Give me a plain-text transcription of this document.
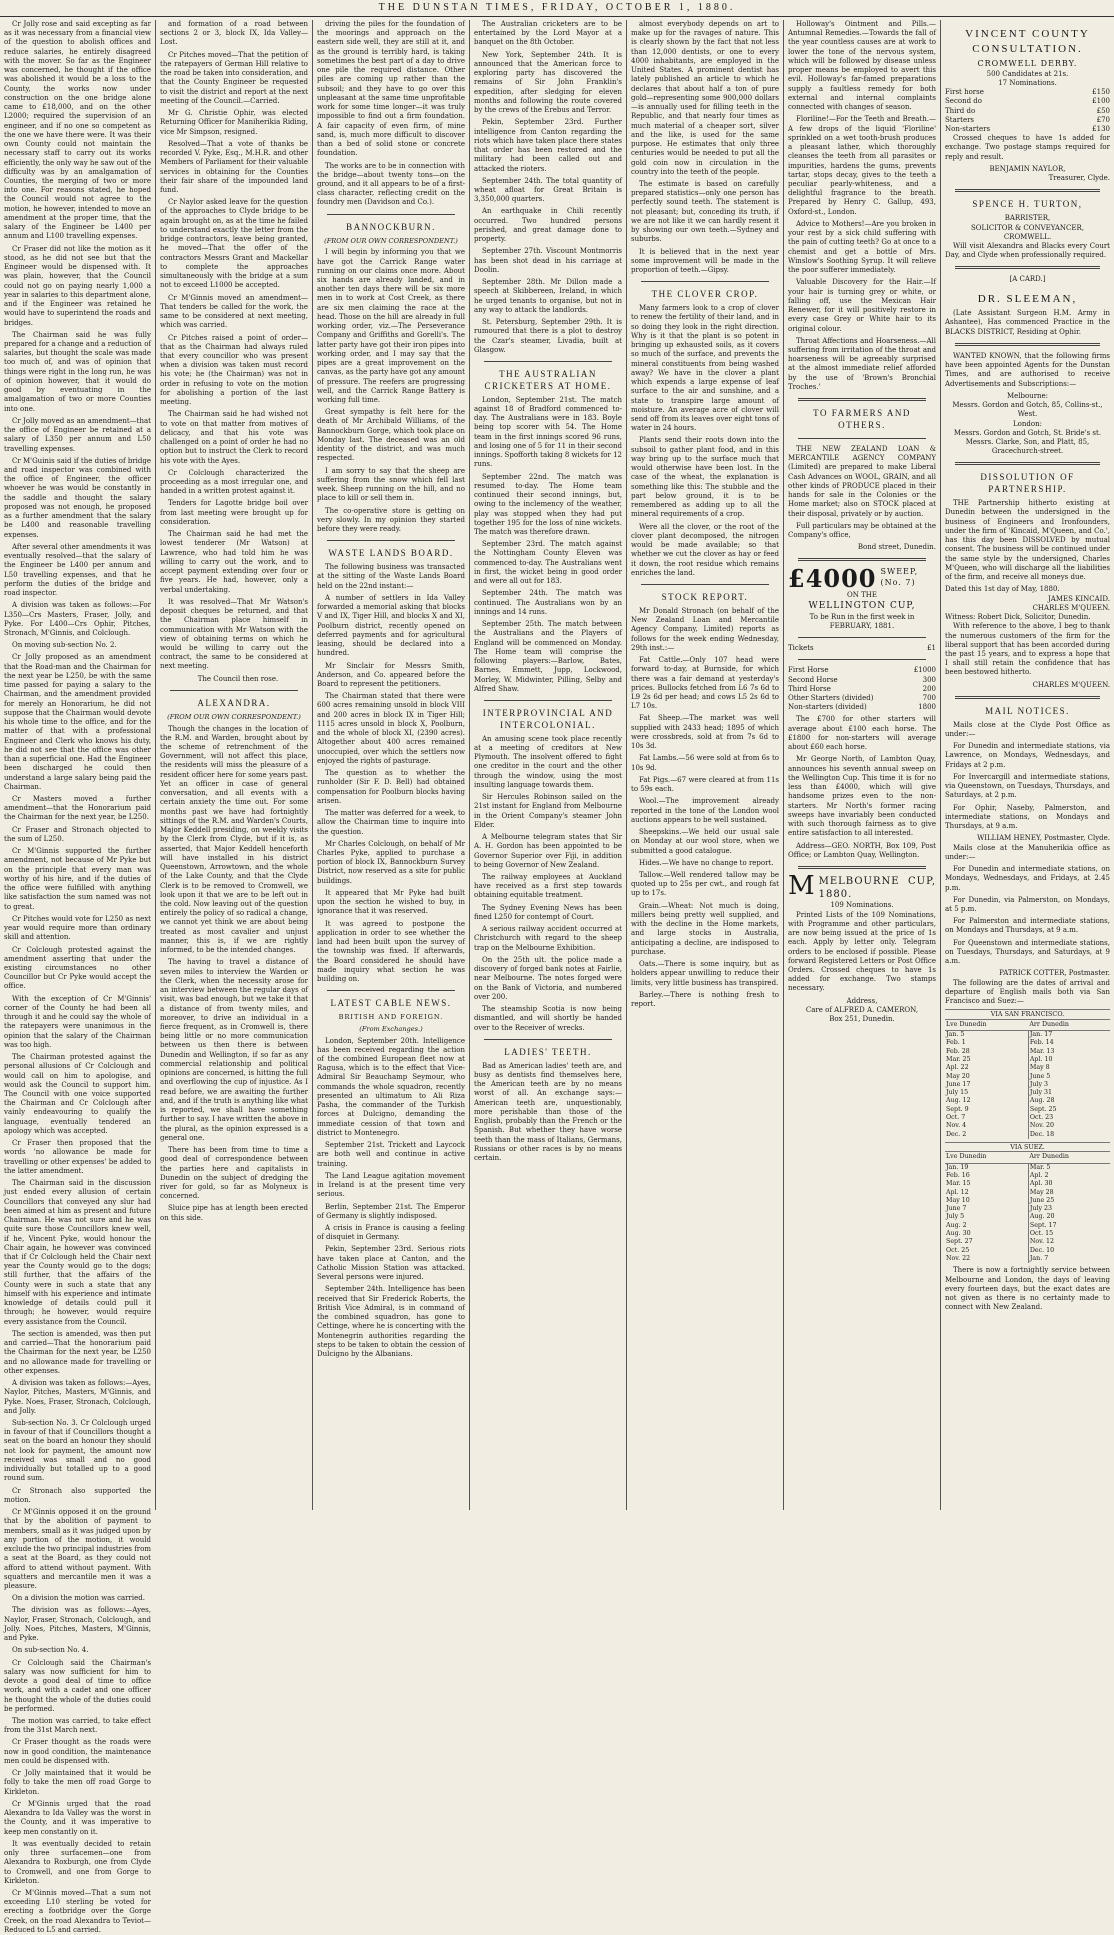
THE DUNSTAN TIMES, FRIDAY, OCTOBER 1, 1880.

Cr Jolly rose and said excepting as far as it was necessary from a financial view of the question to abolish offices and reduce salaries, he entirely disagreed with the mover. So far as the Engineer was concerned, he thought if the office was abolished it would be a loss to the County, the works now under construction on the one bridge alone came to £18,000, and on the other L2000; required the supervision of an engineer, and if no one so competent as the one we have there were. It was their own County could not maintain the necessary staff to carry out its works efficiently, the only way he saw out of the difficulty was by an amalgamation of Counties, the merging of two or more into one. For reasons stated, he hoped the Council would not agree to the motion, he however, intended to move an amendment at the proper time, that the salary of the Engineer be L400 per annum and L100 travelling expenses.

Cr Fraser did not like the motion as it stood, as he did not see but that the Engineer would be dispensed with. It was plain, however, that the Council could not go on paying nearly 1,000 a year in salaries to this department alone, and if the Engineer was retained he would have to superintend the roads and bridges.

The Chairman said he was fully prepared for a change and a reduction of salaries, but thought the scale was made too much of, and was of opinion that things were right in the long run, he was of opinion however, that it would do good by eventuating in the amalgamation of two or more Counties into one.

Cr Jolly moved as an amendment—that the office of Engineer be retained at a salary of L350 per annum and L50 travelling expenses.

Cr M'Guinis said if the duties of bridge and road inspector was combined with the office of Engineer, the officer whoever he was would be constantly in the saddle and thought the salary proposed was not enough, he proposed as a further amendment that the salary be L400 and reasonable travelling expenses.

After several other amendments it was eventually resolved—that the salary of the Engineer be L400 per annum and L50 travelling expenses, and that he perform the duties of the bridge and road inspector.

A division was taken as follows:—For L350—Crs Masters, Fraser, Jolly, and Pyke. For L400—Crs Ophir, Pitches, Stronach, M'Ginnis, and Colclough.

On moving sub-section No. 2.

Cr Jolly proposed as an amendment that the Road-man and the Chairman for the next year be L250, be with the same time passed for paying a salary to the Chairman, and the amendment provided for merely an Honorarium, he did not suppose that the Chairman would devote his whole time to the office, and for the matter of that with a professional Engineer and Clerk who knows his duty, he did not see that the office was other than a superficial one. Had the Engineer been discharged he could then understand a large salary being paid the Chairman.

Cr Masters moved a further amendment—that the Honorarium paid the Chairman for the next year, be L250.

Cr Fraser and Stronach objected to the sum of L250.

Cr M'Ginnis supported the further amendment, not because of Mr Pyke but on the principle that every man was worthy of his hire, and if the duties of the office were fulfilled with anything like satisfaction the sum named was not to great.

Cr Pitches would vote for L250 as next year would require more than ordinary skill and attention.

Cr Colclough protested against the amendment asserting that under the existing circumstances no other Councillor but Cr Pyke would accept the office.

With the exception of Cr M'Ginnis' corner of the County he had been all through it and he could say the whole of the ratepayers were unanimous in the opinion that the salary of the Chairman was too high.

The Chairman protested against the personal allusions of Cr Colclough and would call on him to apologise, and would ask the Council to support him. The Council with one voice supported the Chairman and Cr Colclough after vainly endeavouring to qualify the language, eventually tendered an apology which was accepted.

Cr Fraser then proposed that the words 'no allowance be made for travelling or other expenses' be added to the latter amendment.

The Chairman said in the discussion just ended every allusion of certain Councillors that conveyed any slur had been aimed at him as present and future Chairman. He was not sure and he was quite sure those Councillors knew well, if he, Vincent Pyke, would honour the Chair again, he however was convinced that if Cr Colclough held the Chair next year the County would go to the dogs; still further, that the affairs of the County were in such a state that any himself with his experience and intimate knowledge of details could pull it through; he however, would require every assistance from the Council.

The section is amended, was then put and carried—That the honorarium paid the Chairman for the next year, be L250 and no allowance made for travelling or other expenses.

A division was taken as follows:—Ayes, Naylor, Pitches, Masters, M'Ginnis, and Pyke. Noes, Fraser, Stronach, Colclough, and Jolly.

Sub-section No. 3. Cr Colclough urged in favour of that if Councillors thought a seat on the board an honour they should not look for payment, the amount now received was small and no good individually but totalled up to a good round sum.

Cr Stronach also supported the motion.

Cr M'Ginnis opposed it on the ground that by the abolition of payment to members, small as it was judged upon by any portion of the motion, it would exclude the two principal industries from a seat at the Board, as they could not afford to attend without payment. With squatters and mercantile men it was a pleasure.

On a division the motion was carried.

The division was as follows:—Ayes, Naylor, Fraser, Stronach, Colclough, and Jolly. Noes, Pitches, Masters, M'Ginnis, and Pyke.

On sub-section No. 4.

Cr Colclough said the Chairman's salary was now sufficient for him to devote a good deal of time to office work, and with a cadet and one officer he thought the whole of the duties could be performed.

The motion was carried, to take effect from the 31st March next.

Cr Fraser thought as the roads were now in good condition, the maintenance men could be dispensed with.

Cr Jolly maintained that it would be folly to take the men off road Gorge to Kirkleton.

Cr M'Ginnis urged that the road Alexandra to Ida Valley was the worst in the County, and it was imperative to keep men constantly on it.

It was eventually decided to retain only three surfacemen—one from Alexandra to Roxburgh, one from Clyde to Cromwell, and one from Gorge to Kirkleton.

Cr M'Ginnis moved—That a sum not exceeding L10 sterling be voted for erecting a footbridge over the Gorge Creek, on the road Alexandra to Teviot—Reduced to L5 and carried.

and formation of a road between sections 2 or 3, block IX, Ida Valley—Lost.

Cr Pitches moved—That the petition of the ratepayers of German Hill relative to the road be taken into consideration, and that the County Engineer be requested to visit the district and report at the next meeting of the Council.—Carried.

Mr G. Christie Ophir, was elected Returning Officer for Maniherikia Riding, vice Mr Simpson, resigned.

Resolved—That a vote of thanks be recorded V. Pyke, Esq., M.H.R. and other Members of Parliament for their valuable services in obtaining for the Counties their fair share of the impounded land fund.

Cr Naylor asked leave for the question of the approaches to Clyde bridge to be again brought on, as at the time he failed to understand exactly the letter from the bridge contractors, leave being granted, he moved—That the offer of the contractors Messrs Grant and Mackellar to complete the approaches simultaneously with the bridge at a sum not to exceed L1000 be accepted.

Cr M'Ginnis moved an amendment—That tenders be called for the work, the same to be considered at next meeting, which was carried.

Cr Pitches raised a point of order—that as the Chairman had always ruled that every councillor who was present when a division was taken must record his vote; he (the Chairman) was not in order in refusing to vote on the motion for abolishing a portion of the last meeting.

The Chairman said he had wished not to vote on that matter from motives of delicacy, and that his vote was challenged on a point of order he had no option but to instruct the Clerk to record his vote with the Ayes.

Cr Colclough characterized the proceeding as a most irregular one, and handed in a written protest against it.

Tenders for Lagotte bridge boil over from last meeting were brought up for consideration.

The Chairman said he had met the lowest tenderer (Mr Watson) at Lawrence, who had told him he was willing to carry out the work, and to accept payment extending over four or five years. He had, however, only a verbal undertaking.

It was resolved—That Mr Watson's deposit cheques be returned, and that the Chairman place himself in communication with Mr Watson with the view of obtaining terms on which he would be willing to carry out the contract, the same to be considered at next meeting.

The Council then rose.

ALEXANDRA.
(FROM OUR OWN CORRESPONDENT.)

Though the changes in the location of the R.M. and Warden, brought about by the scheme of retrenchment of the Government, will not affect this place, the residents will miss the pleasure of a resident officer here for some years past. Yet an officer in case of general conversation, and all events with a certain anxiety the time out. For some months past we have had fortnightly sittings of the R.M. and Warden's Courts, Major Keddell presiding, on weekly visits by the Clerk from Clyde, but if it is, as asserted, that Major Keddell henceforth will have installed in his district Queenstown, Arrowtown, and the whole of the Lake County, and that the Clyde Clerk is to be removed to Cromwell, we look upon it that we are to be left out in the cold. Now leaving out of the question entirely the policy of so radical a change, we cannot yet think we are about being treated as most cavalier and unjust manner, this is, if we are rightly informed, to be the intended changes.

The having to travel a distance of seven miles to interview the Warden or the Clerk, when the necessity arose for an interview between the regular days of visit, was bad enough, but we take it that a distance of from twenty miles, and moreover, to drive an individual in a fierce frequent, as in Cromwell is, there being little or no more communication between us then there is between Dunedin and Wellington, if so far as any commercial relationship and political opinions are concerned, is hitting the full and overflowing the cup of injustice. As I read before, we are awaiting the further and, and if the truth is anything like what is reported, we shall have something further to say. I have written the above in the plural, as the opinion expressed is a general one.

There has been from time to time a good deal of correspondence between the parties here and capitalists in Dunedin on the subject of dredging the river for gold, so far as Molyneux is concerned.

Sluice pipe has at length been erected on this side.

driving the piles for the foundation of the moorings and approach on the eastern side well, they are still at it, and as the ground is terribly hard, is taking sometimes the best part of a day to drive one pile the required distance. Other piles are coming up rather than the subsoil; and they have to go over this unpleasant at the same time unprofitable work for some time longer—it was truly impossible to find out a firm foundation. A fair capacity of even firm, of mine sand, is, much more difficult to discover than a bed of solid stone or concrete foundation.

The works are to be in connection with the bridge—about twenty tons—on the ground, and it all appears to be of a first-class character, reflecting credit on the foundry men (Davidson and Co.).

BANNOCKBURN.
(FROM OUR OWN CORRESPONDENT.)

I will begin by informing you that we have got the Carrick Range water running on our claims once more. About six hands are already landed, and in another ten days there will be six more men in to work at Cost Creek, as there are six men claiming the race at the head. Those on the hill are already in full working order, viz.—The Perseverance Company and Griffiths and Gorelli's. The latter party have got their iron pipes into working order, and I may say that the pipes are a great improvement on the canvas, as the party have got any amount of pressure. The reefers are progressing well, and the Carrick Range Battery is working full time.

Great sympathy is felt here for the death of Mr Archibald Williams, of the Bannockburn Gorge, which took place on Monday last. The deceased was an old identity of the district, and was much respected.

I am sorry to say that the sheep are suffering from the snow which fell last week. Sheep running on the hill, and no place to kill or sell them in.

The co-operative store is getting on very slowly. In my opinion they started before they were ready.

WASTE LANDS BOARD.

The following business was transacted at the sitting of the Waste Lands Board held on the 22nd instant:—

A number of settlers in Ida Valley forwarded a memorial asking that blocks V and IX, Tiger Hill, and blocks X and XI, Poolburn district, recently opened on deferred payments and for agricultural leasing, should be declared into a hundred.

Mr Sinclair for Messrs Smith, Anderson, and Co. appeared before the Board to represent the petitioners.

The Chairman stated that there were 600 acres remaining unsold in block VIII and 200 acres in block IX in Tiger Hill; 1115 acres unsold in block X, Poolburn, and the whole of block XI, (2390 acres). Altogether about 400 acres remained unoccupied, over which the settlers now enjoyed the rights of pasturage.

The question as to whether the runholder (Sir F. D. Bell) had obtained compensation for Poolburn blocks having arisen.

The matter was deferred for a week, to allow the Chairman time to inquire into the question.

Mr Charles Colclough, on behalf of Mr Charles Pyke, applied to purchase a portion of block IX, Bannockburn Survey District, now reserved as a site for public buildings.

It appeared that Mr Pyke had built upon the section he wished to buy, in ignorance that it was reserved.

It was agreed to postpone the application in order to see whether the land had been built upon the survey of the township was fixed. If afterwards, the Board considered he should have made inquiry what section he was building on.

LATEST CABLE NEWS.
BRITISH AND FOREIGN.
(From Exchanges.)

London, September 20th. Intelligence has been received regarding the action of the combined European fleet now at Ragusa, which is to the effect that Vice-Admiral Sir Beauchamp Seymour, who commands the whole squadron, recently presented an ultimatum to Ali Riza Pasha, the commander of the Turkish forces at Dulcigno, demanding the immediate cession of that town and district to Montenegro.

September 21st. Trickett and Laycock are both well and continue in active training.

The Land League agitation movement in Ireland is at the present time very serious.

Berlin, September 21st. The Emperor of Germany is slightly indisposed.

A crisis in France is causing a feeling of disquiet in Germany.

Pekin, September 23rd. Serious riots have taken place at Canton, and the Catholic Mission Station was attacked. Several persons were injured.

September 24th. Intelligence has been received that Sir Frederick Roberts, the British Vice Admiral, is in command of the combined squadron, has gone to Cettinge, where he is concerting with the Montenegrin authorities regarding the steps to be taken to obtain the cession of Dulcigno by the Albanians.

The Australian cricketers are to be entertained by the Lord Mayor at a banquet on the 8th October.

New York, September 24th. It is announced that the American force to exploring party has discovered the remains of Sir John Franklin's expedition, after sledging for eleven months and following the route covered by the crews of the Erebus and Terror.

Pekin, September 23rd. Further intelligence from Canton regarding the riots which have taken place there states that order has been restored and the military had been called out and attacked the rioters.

September 24th. The total quantity of wheat afloat for Great Britain is 3,350,000 quarters.

An earthquake in Chili recently occurred. Two hundred persons perished, and great damage done to property.

September 27th. Viscount Montmorris has been shot dead in his carriage at Doolin.

September 28th. Mr Dillon made a speech at Skibbereen, Ireland, in which he urged tenants to organise, but not in any way to attack the landlords.

St. Petersburg, September 29th. It is rumoured that there is a plot to destroy the Czar's steamer, Livadia, built at Glasgow.

THE AUSTRALIAN CRICKETERS AT HOME.

London, September 21st. The match against 18 of Bradford commenced to-day. The Australians were in 183. Boyle being top scorer with 54. The Home team in the first innings scored 96 runs, and losing one of 5 for 11 in their second innings. Spofforth taking 8 wickets for 12 runs.

September 22nd. The match was resumed to-day. The Home team continued their second innings, but, owing to the inclemency of the weather, play was stopped when they had put together 195 for the loss of nine wickets. The match was therefore drawn.

September 23rd. The match against the Nottingham County Eleven was commenced to-day. The Australians went in first, the wicket being in good order and were all out for 183.

September 24th. The match was continued. The Australians won by an innings and 14 runs.

September 25th. The match between the Australians and the Players of England will be commenced on Monday. The Home team will comprise the following players:—Barlow, Bates, Barnes, Emmett, Jupp, Lockwood, Morley, W. Midwinter, Pilling, Selby and Alfred Shaw.

INTERPROVINCIAL AND INTERCOLONIAL.

An amusing scene took place recently at a meeting of creditors at New Plymouth. The insolvent offered to fight one creditor in the court and the other through the window, using the most insulting language towards them.

Sir Hercules Robinson sailed on the 21st instant for England from Melbourne in the Orient Company's steamer John Elder.

A Melbourne telegram states that Sir A. H. Gordon has been appointed to be Governor Superior over Fiji, in addition to being Governor of New Zealand.

The railway employees at Auckland have received as a first step towards obtaining equitable treatment.

The Sydney Evening News has been fined L250 for contempt of Court.

A serious railway accident occurred at Christchurch with regard to the sheep trap on the Melbourne Exhibition.

On the 25th ult. the police made a discovery of forged bank notes at Fairlie, near Melbourne. The notes forged were on the Bank of Victoria, and numbered over 200.

The steamship Scotia is now being dismantled, and will shortly be handed over to the Receiver of wrecks.

LADIES' TEETH.

Bad as American ladies' teeth are, and busy as dentists find themselves here, the American teeth are by no means worst of all. An exchange says:—American teeth are, unquestionably, more perishable than those of the English, probably than the French or the Spanish. But whether they have worse teeth than the mass of Italians, Germans, Russians or other races is by no means certain.

almost everybody depends on art to make up for the ravages of nature. This is clearly shown by the fact that not less than 12,000 dentists, or one to every 4000 inhabitants, are employed in the United States. A prominent dentist has lately published an article to which he declares that about half a ton of pure gold—representing some 900,000 dollars—is annually used for filling teeth in the Republic, and that nearly four times as much material of a cheaper sort, silver and the like, is used for the same purpose. He estimates that only three centuries would be needed to put all the gold coin now in circulation in the country into the teeth of the people.

The estimate is based on carefully prepared statistics—only one person has perfectly sound teeth. The statement is not pleasant; but, conceding its truth, if we are not like it we can hardly resent it by showing our own teeth.—Sydney and suburbs.

It is believed that in the next year some improvement will be made in the proportion of teeth.—Gipsy.

THE CLOVER CROP.

Many farmers look to a crop of clover to renew the fertility of their land, and in so doing they look in the right direction. Why is it that the plant is so potent in bringing up exhausted soils, as it covers so much of the surface, and prevents the mineral constituents from being washed away? We have in the clover a plant which expends a large expense of leaf surface to the air and sunshine, and a state to transpire large amount of moisture. An average acre of clover will send off from its leaves over eight tons of water in 24 hours.

Plants send their roots down into the subsoil to gather plant food, and in this way bring up to the surface much that would otherwise have been lost. In the case of the wheat, the explanation is something like this: The stubble and the part below ground, it is to be remembered as adding up to all the mineral requirements of a crop.

Were all the clover, or the root of the clover plant decomposed, the nitrogen would be made available; so that whether we cut the clover as hay or feed it down, the root residue which remains enriches the land.

STOCK REPORT.

Mr Donald Stronach (on behalf of the New Zealand Loan and Mercantile Agency Company, Limited) reports as follows for the week ending Wednesday, 29th inst.:—

Fat Cattle.—Only 107 head were forward to-day, at Burnside, for which there was a fair demand at yesterday's prices. Bullocks fetched from L6 7s 6d to L9 2s 6d per head; and cows L5 2s 6d to L7 10s.

Fat Sheep.—The market was well supplied with 2433 head; 1895 of which were crossbreds, sold at from 7s 6d to 10s 3d.

Fat Lambs.—56 were sold at from 6s to 10s 9d.

Fat Pigs.—67 were cleared at from 11s to 59s each.

Wool.—The improvement already reported in the tone of the London wool auctions appears to be well sustained.

Sheepskins.—We held our usual sale on Monday at our wool store, when we submitted a good catalogue.

Hides.—We have no change to report.

Tallow.—Well rendered tallow may be quoted up to 25s per cwt., and rough fat up to 17s.

Grain.—Wheat: Not much is doing, millers being pretty well supplied, and with the decline in the Home markets, and large stocks in Australia, anticipating a decline, are indisposed to purchase.

Oats.—There is some inquiry, but as holders appear unwilling to reduce their limits, very little business has transpired.

Barley.—There is nothing fresh to report.

Holloway's Ointment and Pills.—Antumnal Remedies.—Towards the fall of the year countless causes are at work to lower the tone of the nervous system, which will be followed by disease unless proper means be employed to avert this evil. Holloway's far-famed preparations supply a faultless remedy for both external and internal complaints connected with changes of season.

Floriline!—For the Teeth and Breath.—A few drops of the liquid 'Floriline' sprinkled on a wet tooth-brush produces a pleasant lather, which thoroughly cleanses the teeth from all parasites or impurities, hardens the gums, prevents tartar, stops decay, gives to the teeth a peculiar pearly-whiteness, and a delightful fragrance to the breath. Prepared by Henry C. Gallup, 493, Oxford-st., London.

Advice to Mothers!—Are you broken in your rest by a sick child suffering with the pain of cutting teeth? Go at once to a chemist and get a bottle of Mrs. Winslow's Soothing Syrup. It will relieve the poor sufferer immediately.

Valuable Discovery for the Hair.—If your hair is turning grey or white, or falling off, use the Mexican Hair Renewer, for it will positively restore in every case Grey or White hair to its original colour.

Throat Affections and Hoarseness.—All suffering from irritation of the throat and hoarseness will be agreeably surprised at the almost immediate relief afforded by the use of 'Brown's Bronchial Troches.'

TO FARMERS AND OTHERS.

THE NEW ZEALAND LOAN & MERCANTILE AGENCY COMPANY (Limited) are prepared to make Liberal Cash Advances on WOOL, GRAIN, and all other kinds of PRODUCE placed in their hands for sale in the Colonies or the Home market; also on STOCK placed at their disposal, privately or by auction.

Full particulars may be obtained at the Company's office,

Bond street, Dunedin.
£4000 SWEEP, (No. 7)
ON THE
WELLINGTON CUP,
To be Run in the first week in FEBRUARY, 1881.
Tickets	£1
First Horse	£1000
Second Horse	300
Third Horse	200
Other Starters (divided)	700
Non-starters (divided)	1800

The £700 for other starters will average about £100 each horse. The £1800 for non-starters will average about £60 each horse.

Mr George North, of Lambton Quay, announces his seventh annual sweep on the Wellington Cup. This time it is for no less than £4000, which will give handsome prizes even to the non-starters. Mr North's former racing sweeps have invariably been conducted with such thorough fairness as to give entire satisfaction to all interested.

Address—GEO. NORTH, Box 109, Post Office; or Lambton Quay, Wellington.

MMELBOURNE CUP, 1880.
109 Nominations.

Printed Lists of the 109 Nominations, with Programme and other particulars, are now being issued at the price of 1s each. Apply by letter only. Telegram orders to be enclosed if possible. Please forward Registered Letters or Post Office Orders. Crossed cheques to have 1s added for exchange. Two stamps necessary.

Address,
Care of ALFRED A. CAMERON,
Box 251, Dunedin.
VINCENT COUNTY CONSULTATION.
CROMWELL DERBY.
500 Candidates at 21s.
17 Nominations.
First horse	£150
Second do	£100
Third do	£50
Starters	£70
Non-starters	£130

Crossed cheques to have 1s added for exchange. Two postage stamps required for reply and result.

BENJAMIN NAYLOR,
Treasurer, Clyde.
SPENCE H. TURTON,
BARRISTER,
SOLICITOR & CONVEYANCER,
CROMWELL.

Will visit Alexandra and Blacks every Court Day, and Clyde when professionally required.

[A CARD.]
DR. SLEEMAN,

(Late Assistant Surgeon H.M. Army in Ashantee), Has commenced Practice in the BLACKS DISTRICT, Residing at Ophir.

WANTED KNOWN, that the following firms have been appointed Agents for the Dunstan Times, and are authorised to receive Advertisements and Subscriptions:—

Melbourne:
Messrs. Gordon and Gotch, 85, Collins-st., West.
London:
Messrs. Gordon and Gotch, St. Bride's st. Messrs. Clarke, Son, and Platt, 85, Gracechurch-street.
DISSOLUTION OF PARTNERSHIP.

THE Partnership hitherto existing at Dunedin between the undersigned in the business of Engineers and Ironfounders, under the firm of 'Kincaid, M'Queen, and Co.', has this day been DISSOLVED by mutual consent. The business will be continued under the same style by the undersigned, Charles M'Queen, who will discharge all the liabilities of the firm, and receive all moneys due.

Dated this 1st day of May, 1880.
JAMES KINCAID.
CHARLES M'QUEEN.
Witness: Robert Dick, Solicitor, Dunedin.

With reference to the above, I beg to thank the numerous customers of the firm for the liberal support that has been accorded during the past 15 years, and to express a hope that I shall still retain the confidence that has been bestowed hitherto.

CHARLES M'QUEEN.
MAIL NOTICES.

Mails close at the Clyde Post Office as under:—

For Dunedin and intermediate stations, via Lawrence, on Mondays, Wednesdays, and Fridays at 2 p.m.

For Invercargill and intermediate stations, via Queenstown, on Tuesdays, Thursdays, and Saturdays, at 2 p.m.

For Ophir, Naseby, Palmerston, and intermediate stations, on Mondays and Thursdays, at 9 a.m.

WILLIAM HENEY, Postmaster, Clyde.

Mails close at the Manuherikia office as under:—

For Dunedin and intermediate stations, on Mondays, Wednesdays, and Fridays, at 2.45 p.m.

For Dunedin, via Palmerston, on Mondays, at 5 p.m.

For Palmerston and intermediate stations, on Mondays and Thursdays, at 9 a.m.

For Queenstown and intermediate stations, on Tuesdays, Thursdays, and Saturdays, at 9 a.m.

PATRICK COTTER, Postmaster.

The following are the dates of arrival and departure of English mails both via San Francisco and Suez:—

VIA SAN FRANCISCO.
Lve Dunedin	Arr Dunedin
Jan. 5	Jan. 17
Feb. 1	Feb. 14
Feb. 28	Mar. 13
Mar. 25	Apl. 10
Apl. 22	May 8
May 20	June 5
June 17	July 3
July 15	July 31
Aug. 12	Aug. 28
Sept. 9	Sept. 25
Oct. 7	Oct. 23
Nov. 4	Nov. 20
Dec. 2	Dec. 18
VIA SUEZ.
Lve Dunedin	Arr Dunedin
Jan. 19	Mar. 5
Feb. 16	Apl. 2
Mar. 15	Apl. 30
Apl. 12	May 28
May 10	June 25
June 7	July 23
July 5	Aug. 20
Aug. 2	Sept. 17
Aug. 30	Oct. 15
Sept. 27	Nov. 12
Oct. 25	Dec. 10
Nov. 22	Jan. 7

There is now a fortnightly service between Melbourne and London, the days of leaving every fourteen days, but the exact dates are not given as there is no certainty made to connect with New Zealand.
